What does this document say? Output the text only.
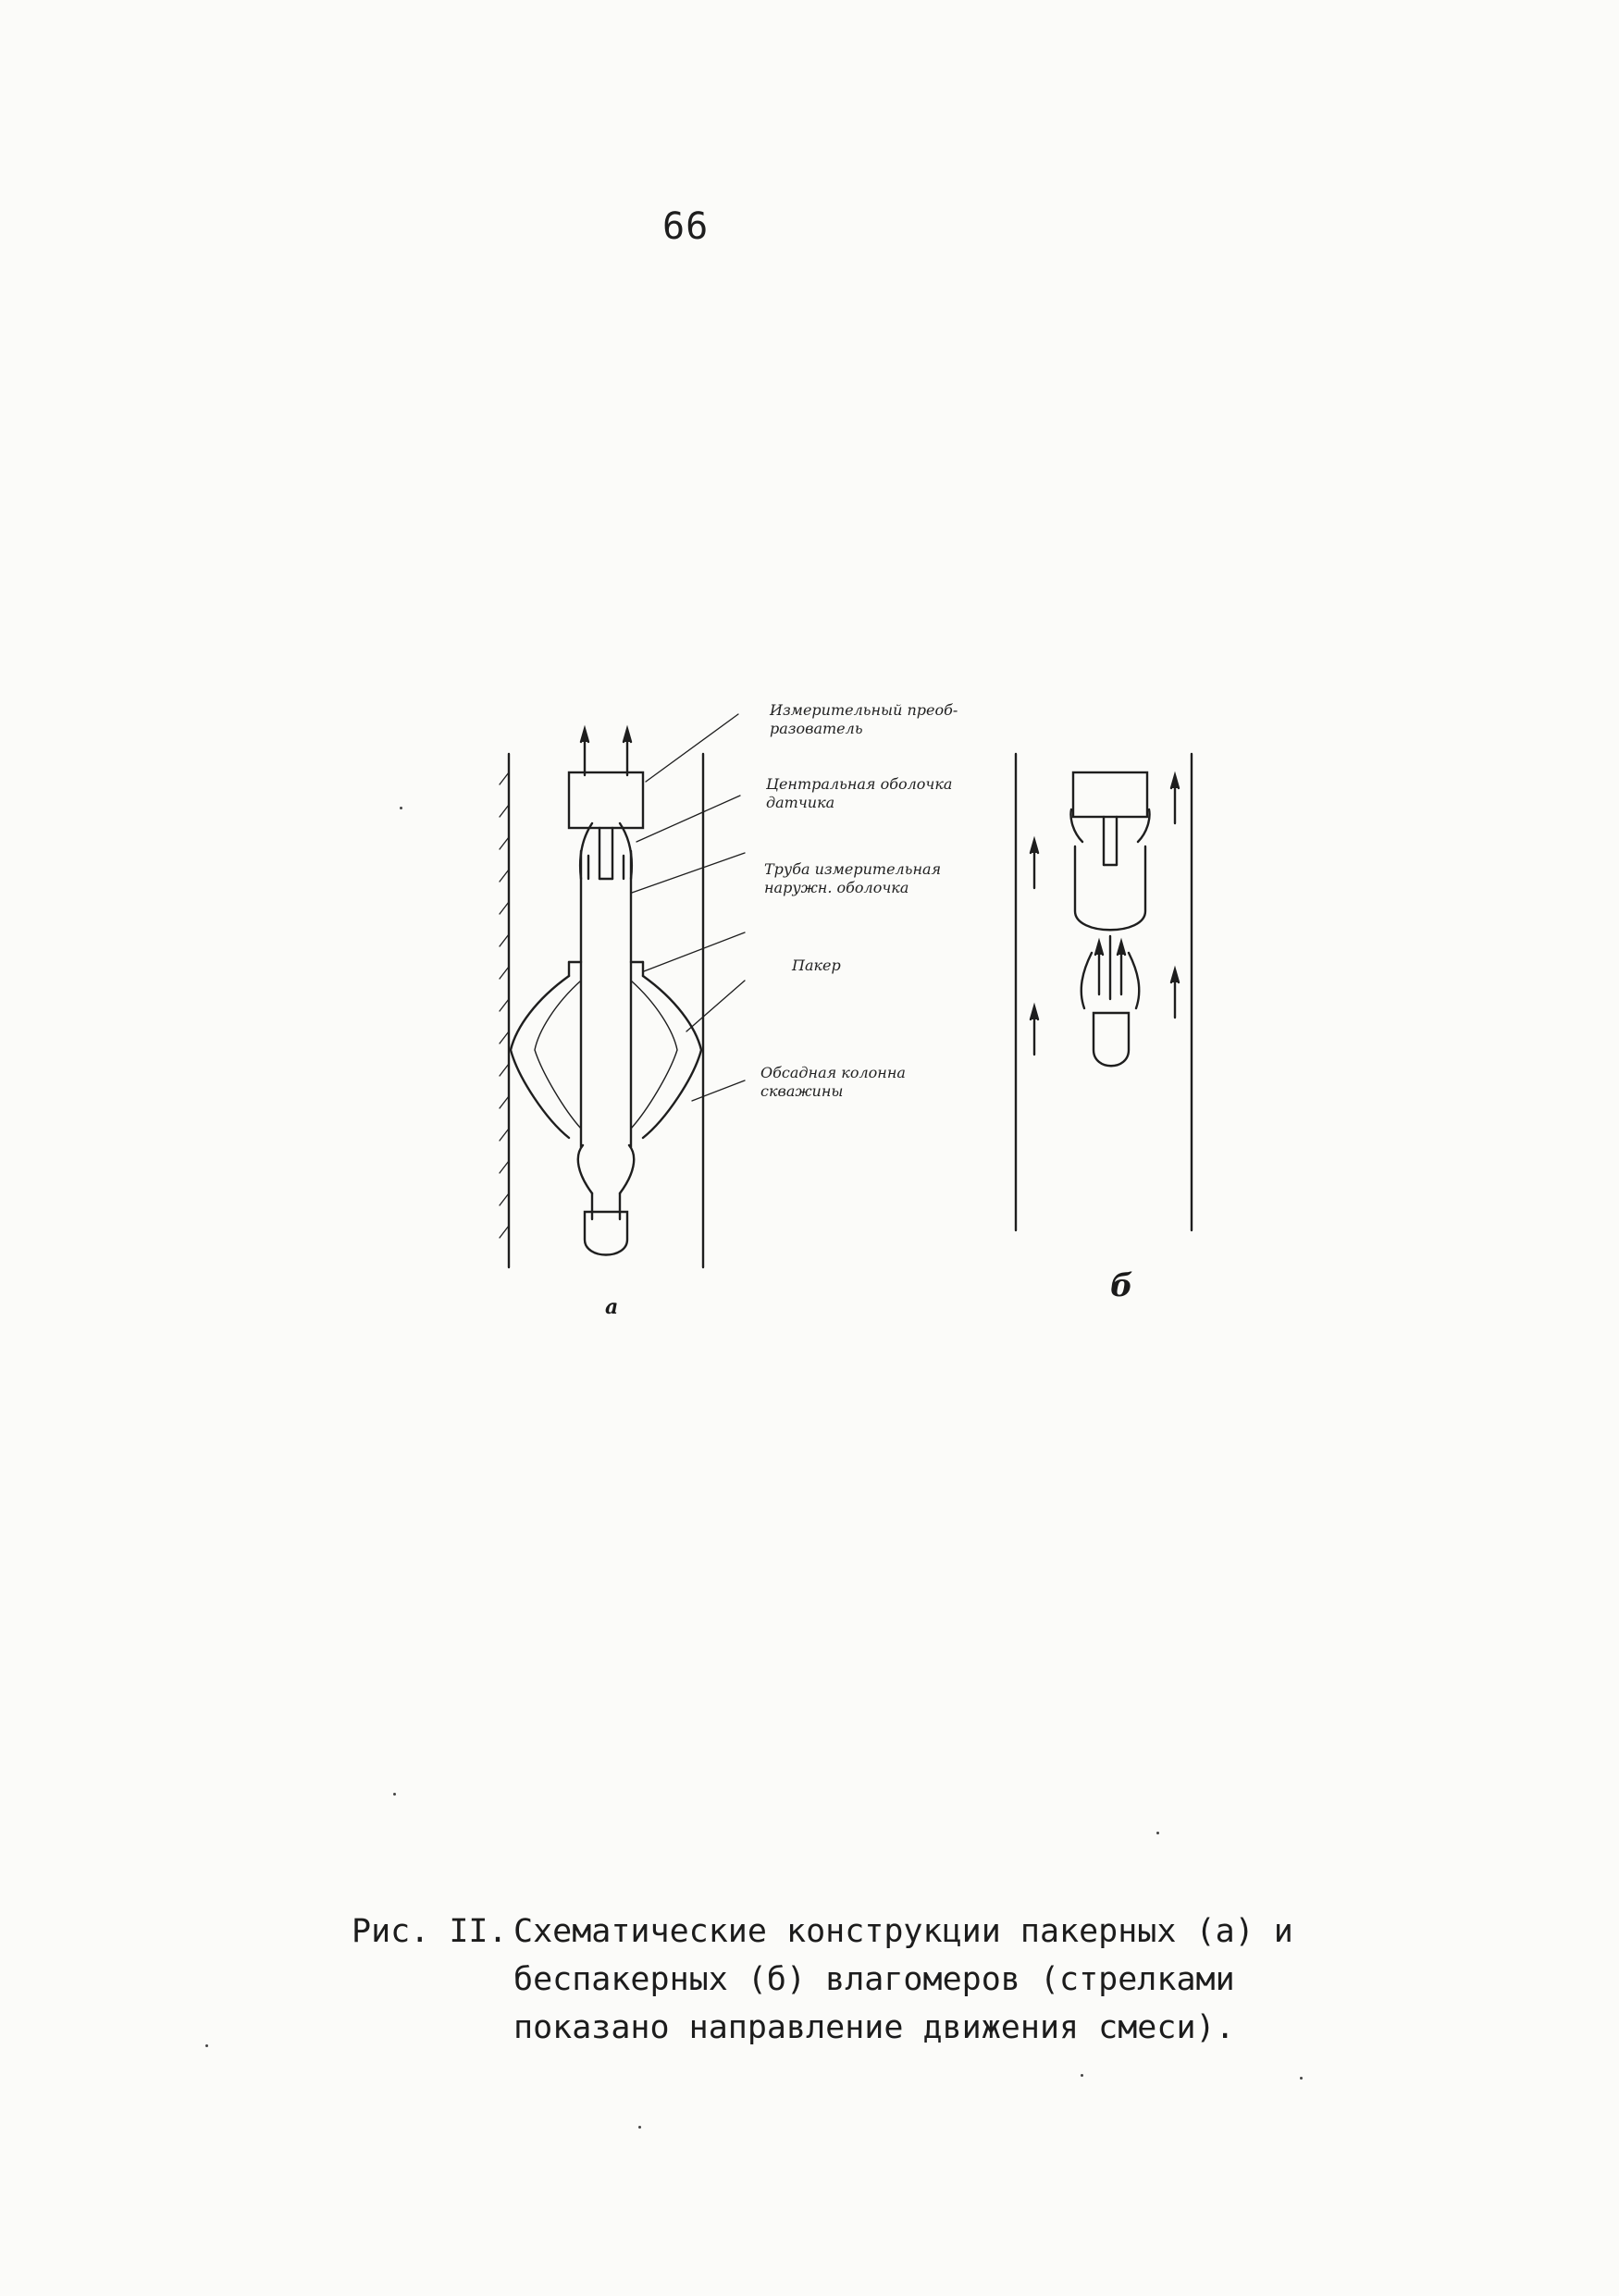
66
Измерительный преоб-
разователь
Центральная оболочка
датчика
Труба измерительная
наружн. оболочка
Пакер
Обсадная колонна
скважины
а
б
Рис. II. Схематические конструкции пакерных (а) и
беспакерных (б) влагомеров (стрелками
показано направление движения смеси).
